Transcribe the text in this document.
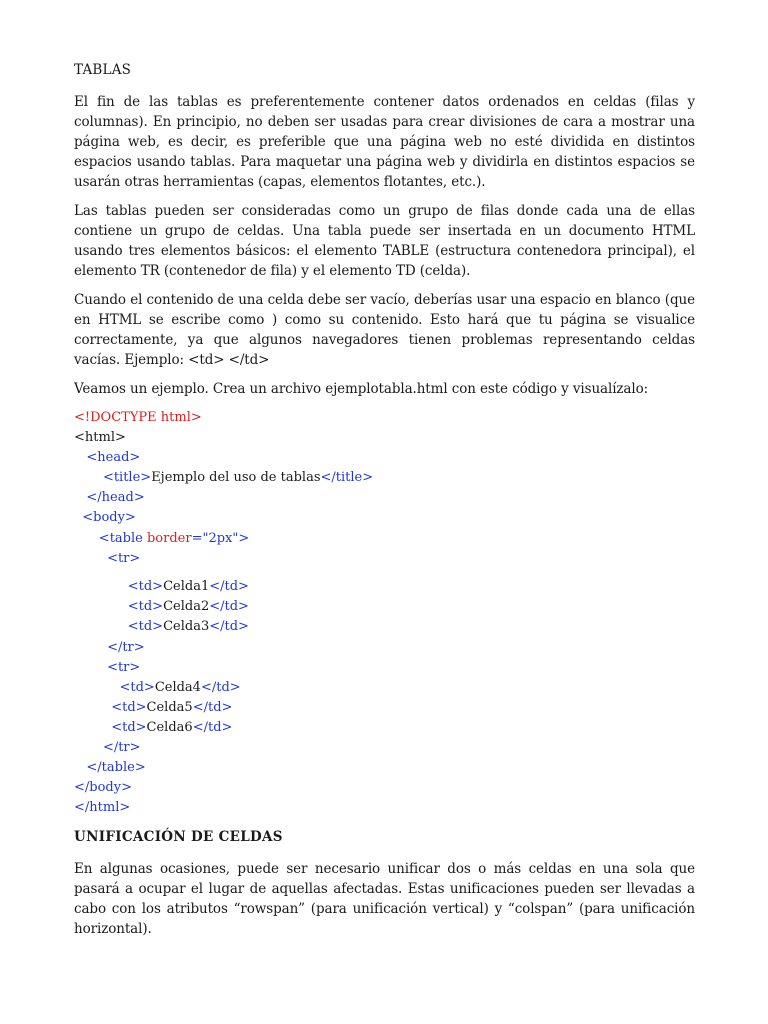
TABLAS

El fin de las tablas es preferentemente contener datos ordenados en celdas (filas y columnas). En principio, no deben ser usadas para crear divisiones de cara a mostrar una página web, es decir, es preferible que una página web no esté dividida en distintos espacios usando tablas. Para maquetar una página web y dividirla en distintos espacios se usarán otras herramientas (capas, elementos flotantes, etc.).

Las tablas pueden ser consideradas como un grupo de filas donde cada una de ellas contiene un grupo de celdas. Una tabla puede ser insertada en un documento HTML usando tres elementos básicos: el elemento TABLE (estructura contenedora principal), el elemento TR (contenedor de fila) y el elemento TD (celda).

Cuando el contenido de una celda debe ser vacío, deberías usar una espacio en blanco (que en HTML se escribe como ) como su contenido. Esto hará que tu página se visualice correctamente, ya que algunos navegadores tienen problemas representando celdas vacías. Ejemplo: <td> </td>

Veamos un ejemplo. Crea un archivo ejemplotabla.html con este código y visualízalo:
<!DOCTYPE html>
<html>
<head>
<title>Ejemplo del uso de tablas</title>
</head>
<body>
<table border="2px">
<tr>
<td>Celda1</td>
<td>Celda2</td>
<td>Celda3</td>
</tr>
<tr>
<td>Celda4</td>
<td>Celda5</td>
<td>Celda6</td>
</tr>
</table>
</body>
</html>
UNIFICACIÓN DE CELDAS

En algunas ocasiones, puede ser necesario unificar dos o más celdas en una sola que pasará a ocupar el lugar de aquellas afectadas. Estas unificaciones pueden ser llevadas a cabo con los atributos “rowspan” (para unificación vertical) y “colspan” (para unificación horizontal).
